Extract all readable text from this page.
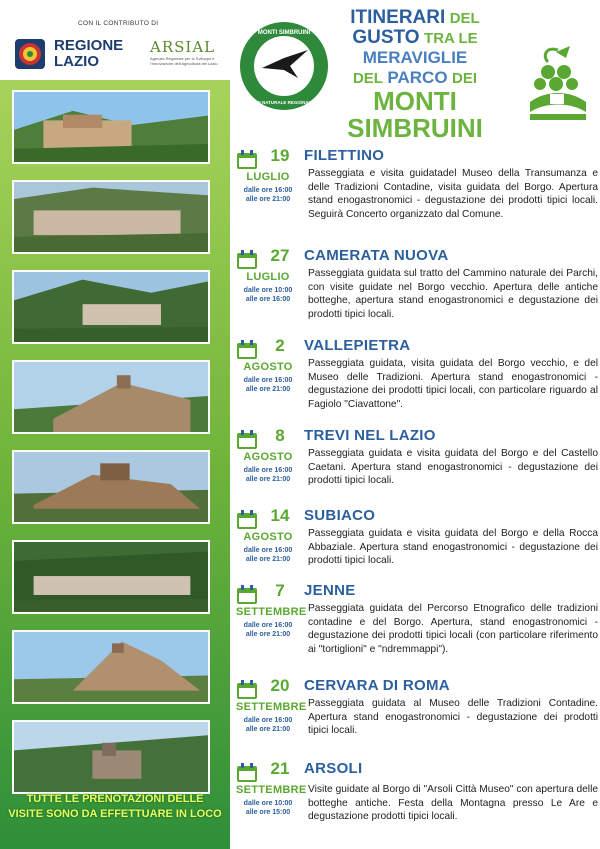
CON IL CONTRIBUTO DI
REGIONE
LAZIO
ARSIAL
Agenzia Regionale per lo Sviluppo e l'Innovazione dell'Agricoltura del Lazio
TUTTE LE PRENOTAZIONI DELLE
VISITE SONO DA EFFETTUARE IN LOCO
MONTI SIMBRUINI
PARCO NATURALE REGIONALE DEI
ITINERARI DEL
GUSTO TRA LE
MERAVIGLIE
DEL PARCO DEI
MONTI
SIMBRUINI
19
LUGLIO
dalle ore 16:00
alle ore 21:00
FILETTINO
Passeggiata e visita guidatadel Museo della Transumanza e delle Tradizioni Contadine, visita guidata del Borgo. Apertura stand enogastronomici - degustazione dei prodotti tipici locali. Seguirà Concerto organizzato dal Comune.
27
LUGLIO
dalle ore 10:00
alle ore 16:00
CAMERATA NUOVA
Passeggiata guidata sul tratto del Cammino naturale dei Parchi, con visite guidate nel Borgo vecchio. Apertura delle antiche botteghe, apertura stand enogastronomici e degustazione dei prodotti tipici locali.
2
AGOSTO
dalle ore 16:00
alle ore 21:00
VALLEPIETRA
Passeggiata guidata, visita guidata del Borgo vecchio, e del Museo delle Tradizioni. Apertura stand enogastronomici - degustazione dei prodotti tipici locali, con particolare riguardo al Fagiolo "Ciavattone".
8
AGOSTO
dalle ore 16:00
alle ore 21:00
TREVI NEL LAZIO
Passeggiata guidata e visita guidata del Borgo e del Castello Caetani. Apertura stand enogastronomici - degustazione dei prodotti tipici locali.
14
AGOSTO
dalle ore 16:00
alle ore 21:00
SUBIACO
Passeggiata guidata e visita guidata del Borgo e della Rocca Abbaziale. Apertura stand enogastronomici - degustazione dei prodotti tipici locali.
7
SETTEMBRE
dalle ore 16:00
alle ore 21:00
JENNE
Passeggiata guidata del Percorso Etnografico delle tradizioni contadine e del Borgo. Apertura, stand enogastronomici - degustazione dei prodotti tipici locali (con particolare riferimento ai "tortiglioni" e "ndremmappi").
20
SETTEMBRE
dalle ore 16:00
alle ore 21:00
CERVARA DI ROMA
Passeggiata guidata al Museo delle Tradizioni Contadine. Apertura stand enogastronomici - degustazione dei prodotti tipici locali.
21
SETTEMBRE
dalle ore 10:00
alle ore 15:00
ARSOLI
Visite guidate al Borgo di "Arsoli Città Museo" con apertura delle botteghe antiche. Festa della Montagna presso Le Are e degustazione prodotti tipici locali.
